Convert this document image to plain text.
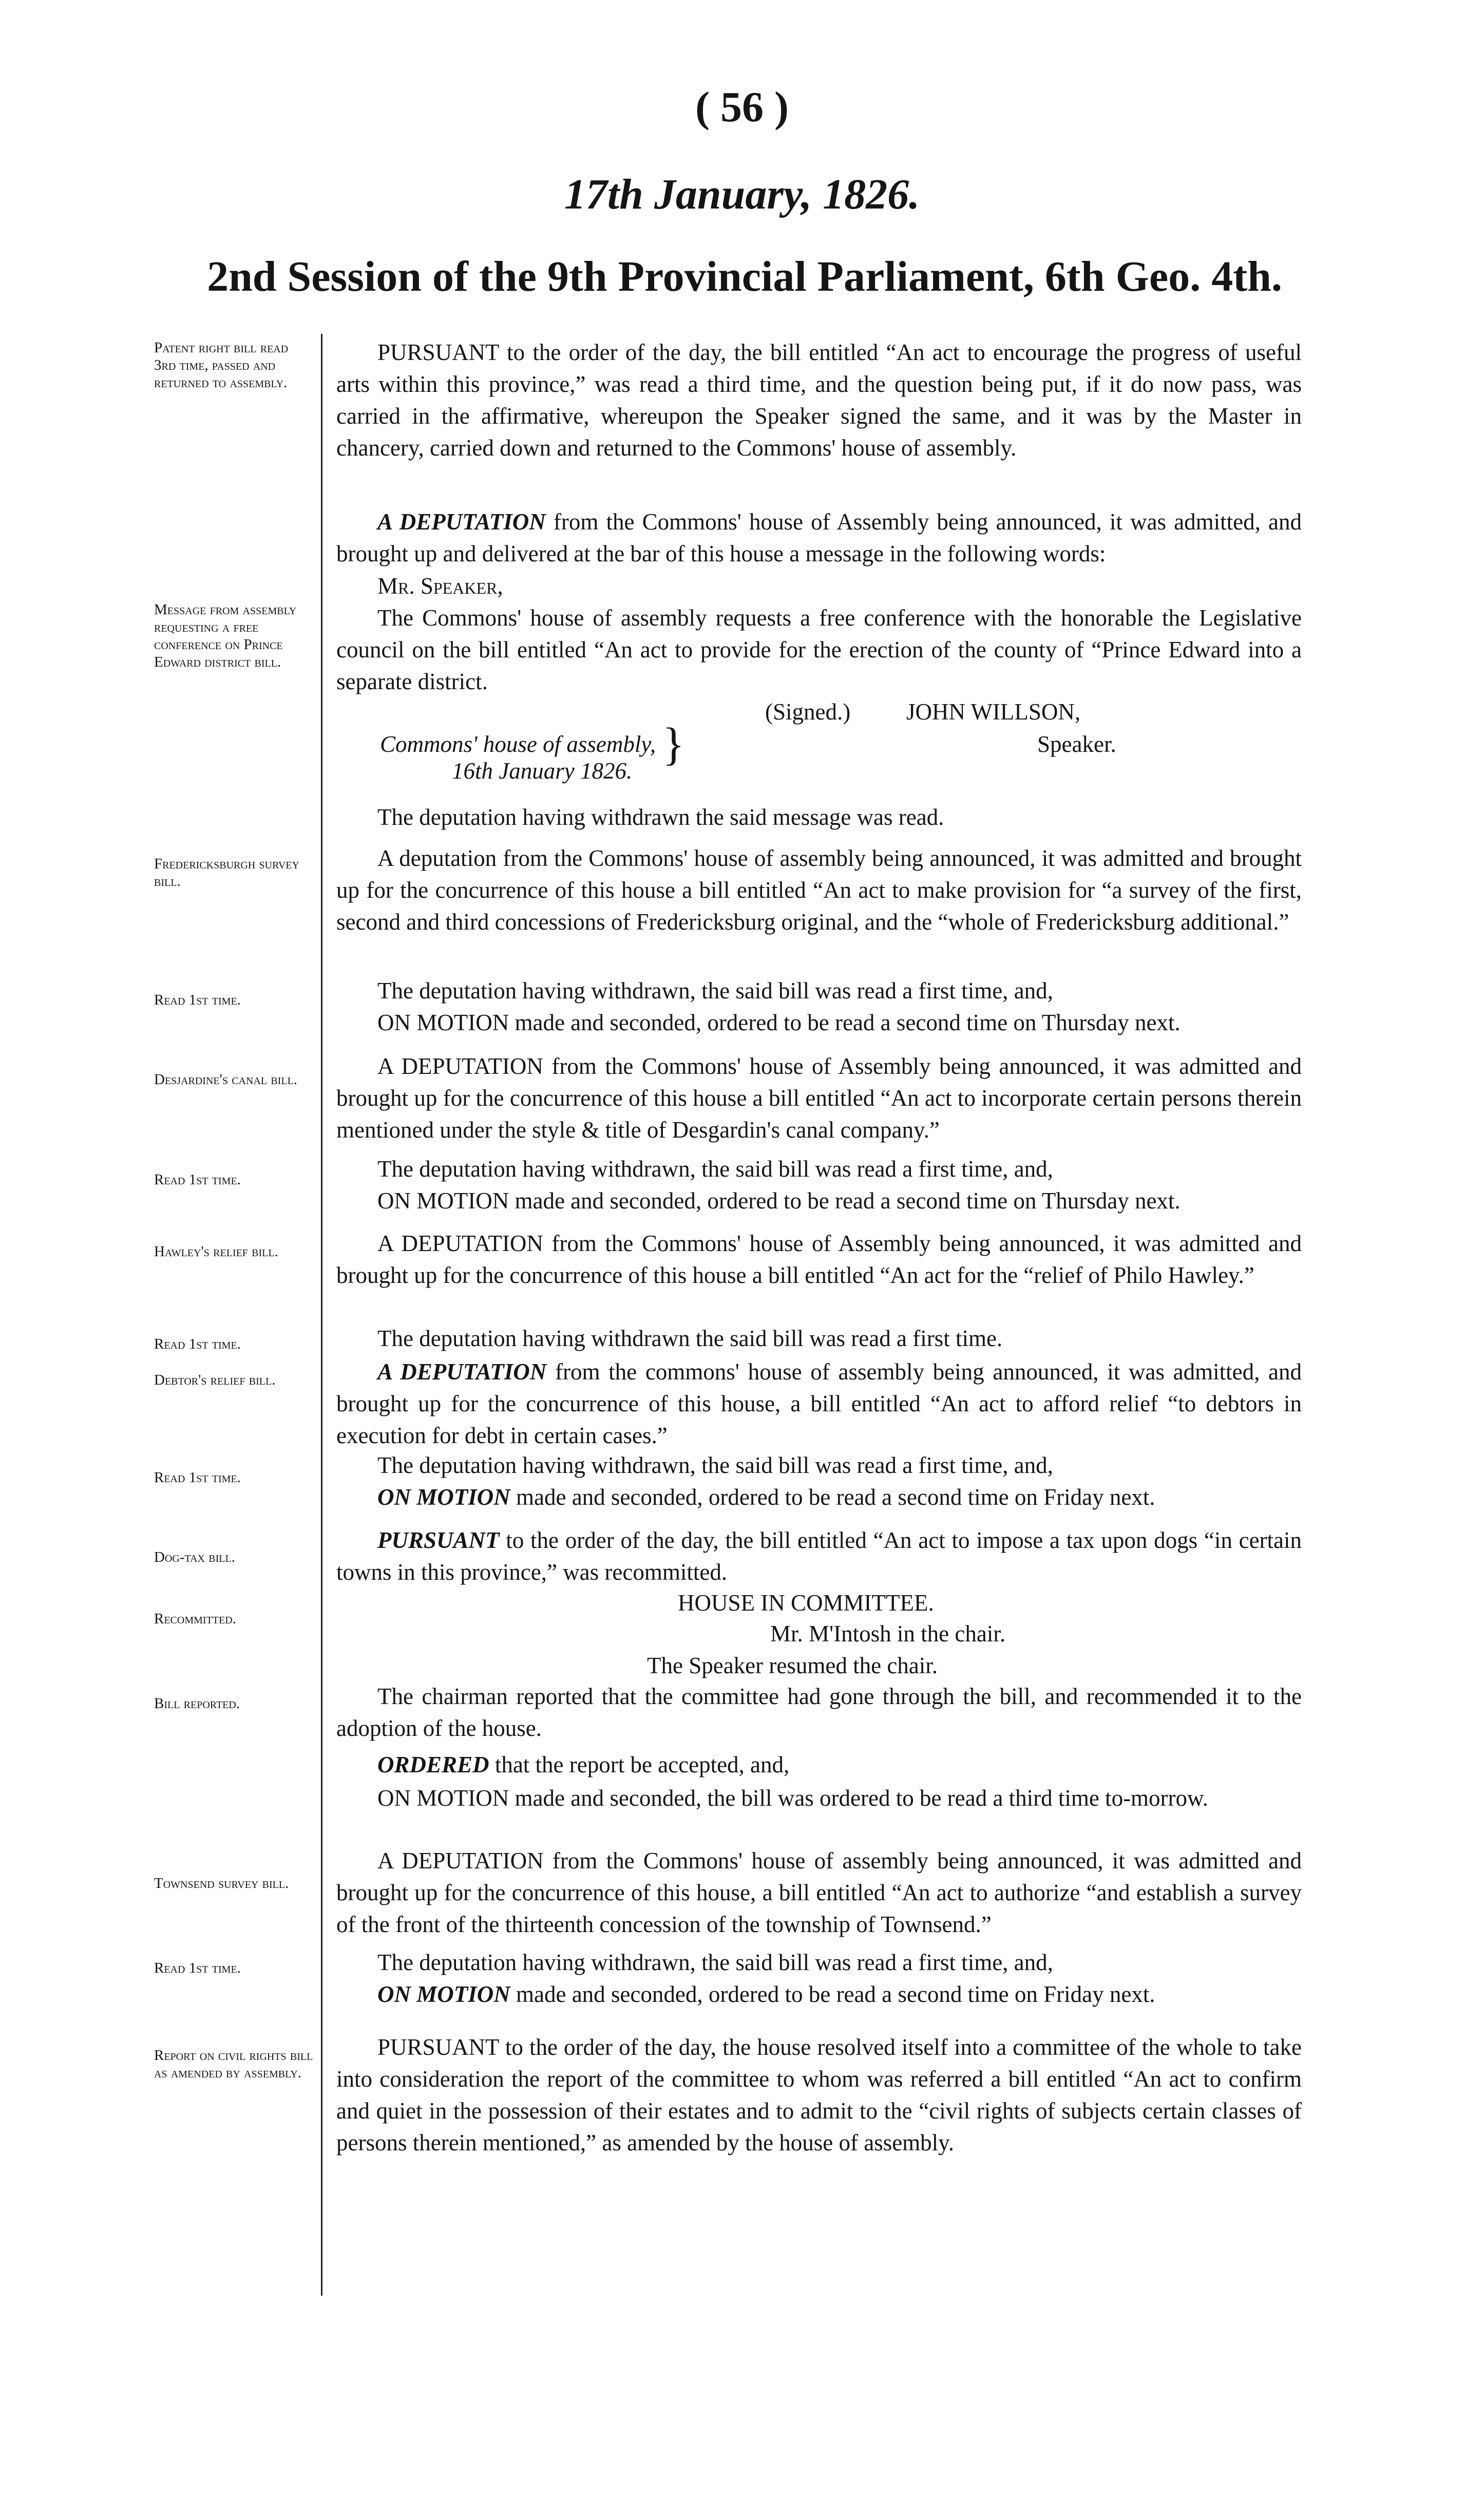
( 56 )
17th January, 1826.
2nd Session of the 9th Provincial Parliament, 6th Geo. 4th.
Patent right bill read 3rd time, passed and returned to assembly.
Message from assembly requesting a free conference on Prince Edward district bill.
Fredericksburgh survey bill.
Read 1st time.
Desjardine's canal bill.
Read 1st time.
Hawley's relief bill.
Read 1st time.
Debtor's relief bill.
Read 1st time.
Dog-tax bill.
Recommitted.
Bill reported.
Townsend survey bill.
Read 1st time.
Report on civil rights bill as amended by assembly.

PURSUANT to the order of the day, the bill entitled “An act to encourage the progress of useful arts within this province,” was read a third time, and the question being put, if it do now pass, was carried in the affirmative, whereupon the Speaker signed the same, and it was by the Master in chancery, carried down and returned to the Commons' house of assembly.

A DEPUTATION from the Commons' house of Assembly being announced, it was admitted, and brought up and delivered at the bar of this house a message in the following words:

Mr. Speaker,

The Commons' house of assembly requests a free conference with the honorable the Legislative council on the bill entitled “An act to provide for the erection of the county of “Prince Edward into a separate district.

(Signed.) JOHN WILLSON,
Speaker.
Commons' house of assembly,
16th January 1826.
}

The deputation having withdrawn the said message was read.

A deputation from the Commons' house of assembly being announced, it was admitted and brought up for the concurrence of this house a bill entitled “An act to make provision for “a survey of the first, second and third concessions of Fredericksburg original, and the “whole of Fredericksburg additional.”

The deputation having withdrawn, the said bill was read a first time, and,

ON MOTION made and seconded, ordered to be read a second time on Thursday next.

A DEPUTATION from the Commons' house of Assembly being announced, it was admitted and brought up for the concurrence of this house a bill entitled “An act to incorporate certain persons therein mentioned under the style & title of Desgardin's canal company.”

The deputation having withdrawn, the said bill was read a first time, and,

ON MOTION made and seconded, ordered to be read a second time on Thursday next.

A DEPUTATION from the Commons' house of Assembly being announced, it was admitted and brought up for the concurrence of this house a bill entitled “An act for the “relief of Philo Hawley.”

The deputation having withdrawn the said bill was read a first time.

A DEPUTATION from the commons' house of assembly being announced, it was admitted, and brought up for the concurrence of this house, a bill entitled “An act to afford relief “to debtors in execution for debt in certain cases.”

The deputation having withdrawn, the said bill was read a first time, and,

ON MOTION made and seconded, ordered to be read a second time on Friday next.

PURSUANT to the order of the day, the bill entitled “An act to impose a tax upon dogs “in certain towns in this province,” was recommitted.

HOUSE IN COMMITTEE.
Mr. M'Intosh in the chair.
The Speaker resumed the chair.

The chairman reported that the committee had gone through the bill, and recommended it to the adoption of the house.

ORDERED that the report be accepted, and,

ON MOTION made and seconded, the bill was ordered to be read a third time to-morrow.

A DEPUTATION from the Commons' house of assembly being announced, it was admitted and brought up for the concurrence of this house, a bill entitled “An act to authorize “and establish a survey of the front of the thirteenth concession of the township of Townsend.”

The deputation having withdrawn, the said bill was read a first time, and,

ON MOTION made and seconded, ordered to be read a second time on Friday next.

PURSUANT to the order of the day, the house resolved itself into a committee of the whole to take into consideration the report of the committee to whom was referred a bill entitled “An act to confirm and quiet in the possession of their estates and to admit to the “civil rights of subjects certain classes of persons therein mentioned,” as amended by the house of assembly.
